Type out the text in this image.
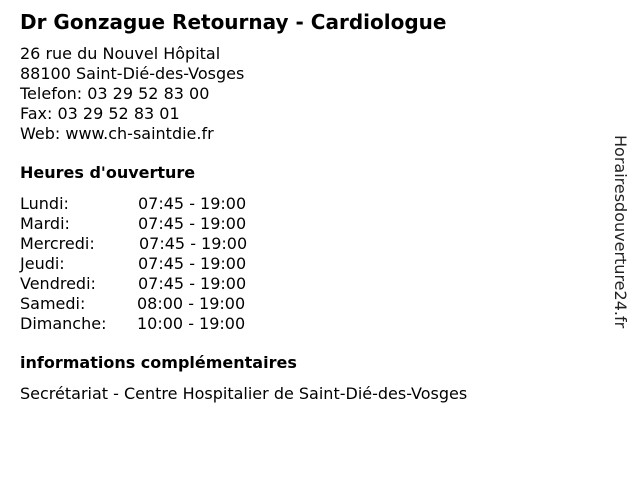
Dr Gonzague Retournay - Cardiologue
26 rue du Nouvel Hôpital
88100 Saint-Dié-des-Vosges
Telefon: 03 29 52 83 00
Fax: 03 29 52 83 01
Web: www.ch-saintdie.fr
Heures d'ouverture
Lundi:	07:45 - 19:00
Mardi:	07:45 - 19:00
Mercredi:	07:45 - 19:00
Jeudi:	07:45 - 19:00
Vendredi:	07:45 - 19:00
Samedi:	08:00 - 19:00
Dimanche: 10:00 - 19:00
informations complémentaires
Secrétariat - Centre Hospitalier de Saint-Dié-des-Vosges
Horairesdouverture24.fr
